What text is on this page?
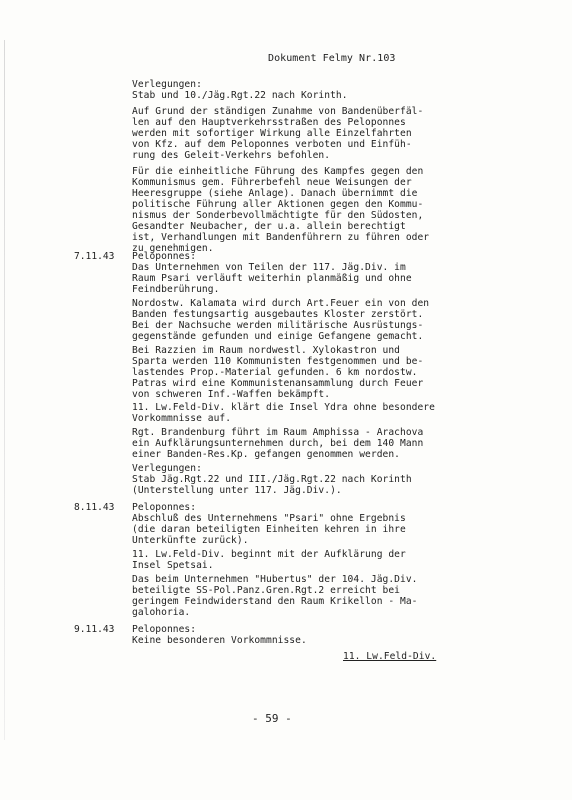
Dokument Felmy Nr.103
Verlegungen:
Stab und 10./Jäg.Rgt.22 nach Korinth.
Auf Grund der ständigen Zunahme von Bandenüberfäl-
len auf den Hauptverkehrsstraßen des Peloponnes
werden mit sofortiger Wirkung alle Einzelfahrten
von Kfz. auf dem Peloponnes verboten und Einfüh-
rung des Geleit-Verkehrs befohlen.
Für die einheitliche Führung des Kampfes gegen den
Kommunismus gem. Führerbefehl neue Weisungen der
Heeresgruppe (siehe Anlage). Danach übernimmt die
politische Führung aller Aktionen gegen den Kommu-
nismus der Sonderbevollmächtigte für den Südosten,
Gesandter Neubacher, der u.a. allein berechtigt
ist, Verhandlungen mit Bandenführern zu führen oder
zu genehmigen.
7.11.43 Peloponnes:
Das Unternehmen von Teilen der 117. Jäg.Div. im
Raum Psari verläuft weiterhin planmäßig und ohne
Feindberührung.
Nordostw. Kalamata wird durch Art.Feuer ein von den
Banden festungsartig ausgebautes Kloster zerstört.
Bei der Nachsuche werden militärische Ausrüstungs-
gegenstände gefunden und einige Gefangene gemacht.
Bei Razzien im Raum nordwestl. Xylokastron und
Sparta werden 110 Kommunisten festgenommen und be-
lastendes Prop.-Material gefunden. 6 km nordostw.
Patras wird eine Kommunistenansammlung durch Feuer
von schweren Inf.-Waffen bekämpft.
11. Lw.Feld-Div. klärt die Insel Ydra ohne besondere
Vorkommnisse auf.
Rgt. Brandenburg führt im Raum Amphissa - Arachova
ein Aufklärungsunternehmen durch, bei dem 140 Mann
einer Banden-Res.Kp. gefangen genommen werden.
Verlegungen:
Stab Jäg.Rgt.22 und III./Jäg.Rgt.22 nach Korinth
(Unterstellung unter 117. Jäg.Div.).
8.11.43 Peloponnes:
Abschluß des Unternehmens "Psari" ohne Ergebnis
(die daran beteiligten Einheiten kehren in ihre
Unterkünfte zurück).
11. Lw.Feld-Div. beginnt mit der Aufklärung der
Insel Spetsai.
Das beim Unternehmen "Hubertus" der 104. Jäg.Div.
beteiligte SS-Pol.Panz.Gren.Rgt.2 erreicht bei
geringem Feindwiderstand den Raum Krikellon - Ma-
galohoria.
9.11.43 Peloponnes:
Keine besonderen Vorkommnisse.
11. Lw.Feld-Div.
- 59 -
